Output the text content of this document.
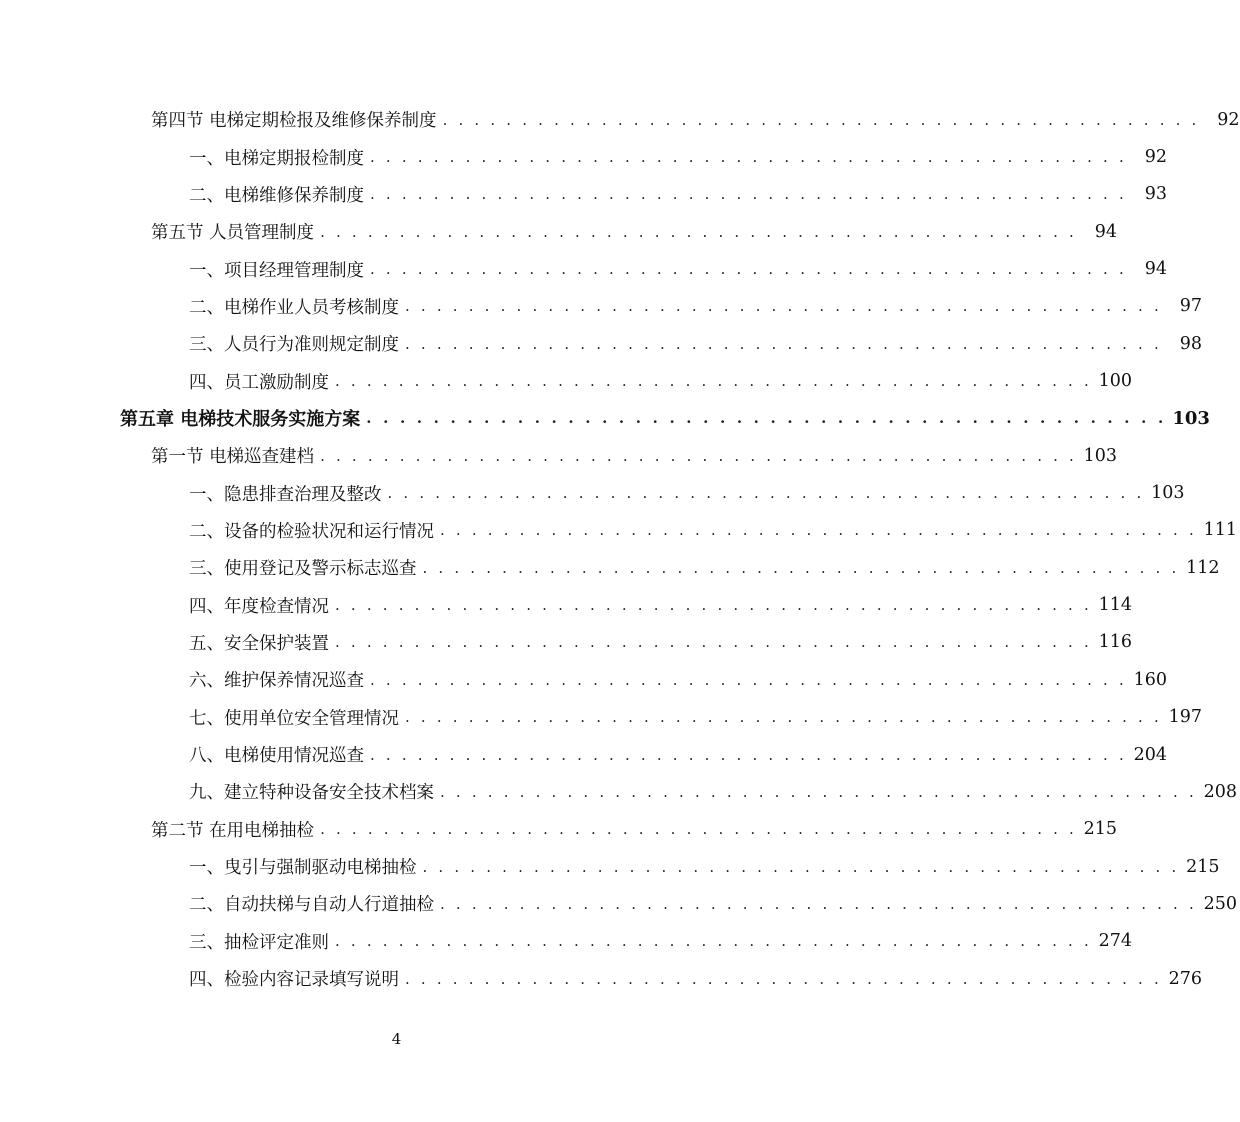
第四节 电梯定期检报及维修保养制度 . . . . . . . . . . . . . . . . . . . . . . . . . . . . . . . . . . . . . . . . . . . . . . . .	92
一、电梯定期报检制度 . . . . . . . . . . . . . . . . . . . . . . . . . . . . . . . . . . . . . . . . . . . . . . . .	92
二、电梯维修保养制度 . . . . . . . . . . . . . . . . . . . . . . . . . . . . . . . . . . . . . . . . . . . . . . . .	93
第五节 人员管理制度 . . . . . . . . . . . . . . . . . . . . . . . . . . . . . . . . . . . . . . . . . . . . . . . .	94
一、项目经理管理制度 . . . . . . . . . . . . . . . . . . . . . . . . . . . . . . . . . . . . . . . . . . . . . . . .	94
二、电梯作业人员考核制度 . . . . . . . . . . . . . . . . . . . . . . . . . . . . . . . . . . . . . . . . . . . . . . . .	97
三、人员行为准则规定制度 . . . . . . . . . . . . . . . . . . . . . . . . . . . . . . . . . . . . . . . . . . . . . . . .	98
四、员工激励制度 . . . . . . . . . . . . . . . . . . . . . . . . . . . . . . . . . . . . . . . . . . . . . . . . 100
第五章 电梯技术服务实施方案 . . . . . . . . . . . . . . . . . . . . . . . . . . . . . . . . . . . . . . . . . . . . . . . . 103
第一节 电梯巡查建档 . . . . . . . . . . . . . . . . . . . . . . . . . . . . . . . . . . . . . . . . . . . . . . . . 103
一、隐患排查治理及整改 . . . . . . . . . . . . . . . . . . . . . . . . . . . . . . . . . . . . . . . . . . . . . . . . 103
二、设备的检验状况和运行情况 . . . . . . . . . . . . . . . . . . . . . . . . . . . . . . . . . . . . . . . . . . . . . . . . 111
三、使用登记及警示标志巡查 . . . . . . . . . . . . . . . . . . . . . . . . . . . . . . . . . . . . . . . . . . . . . . . . 112
四、年度检查情况 . . . . . . . . . . . . . . . . . . . . . . . . . . . . . . . . . . . . . . . . . . . . . . . . 114
五、安全保护装置 . . . . . . . . . . . . . . . . . . . . . . . . . . . . . . . . . . . . . . . . . . . . . . . . 116
六、维护保养情况巡查 . . . . . . . . . . . . . . . . . . . . . . . . . . . . . . . . . . . . . . . . . . . . . . . . 160
七、使用单位安全管理情况 . . . . . . . . . . . . . . . . . . . . . . . . . . . . . . . . . . . . . . . . . . . . . . . . 197
八、电梯使用情况巡查 . . . . . . . . . . . . . . . . . . . . . . . . . . . . . . . . . . . . . . . . . . . . . . . . 204
九、建立特种设备安全技术档案 . . . . . . . . . . . . . . . . . . . . . . . . . . . . . . . . . . . . . . . . . . . . . . . . 208
第二节 在用电梯抽检 . . . . . . . . . . . . . . . . . . . . . . . . . . . . . . . . . . . . . . . . . . . . . . . . 215
一、曳引与强制驱动电梯抽检 . . . . . . . . . . . . . . . . . . . . . . . . . . . . . . . . . . . . . . . . . . . . . . . . 215
二、自动扶梯与自动人行道抽检 . . . . . . . . . . . . . . . . . . . . . . . . . . . . . . . . . . . . . . . . . . . . . . . . 250
三、抽检评定准则 . . . . . . . . . . . . . . . . . . . . . . . . . . . . . . . . . . . . . . . . . . . . . . . . 274
四、检验内容记录填写说明 . . . . . . . . . . . . . . . . . . . . . . . . . . . . . . . . . . . . . . . . . . . . . . . . 276
4
